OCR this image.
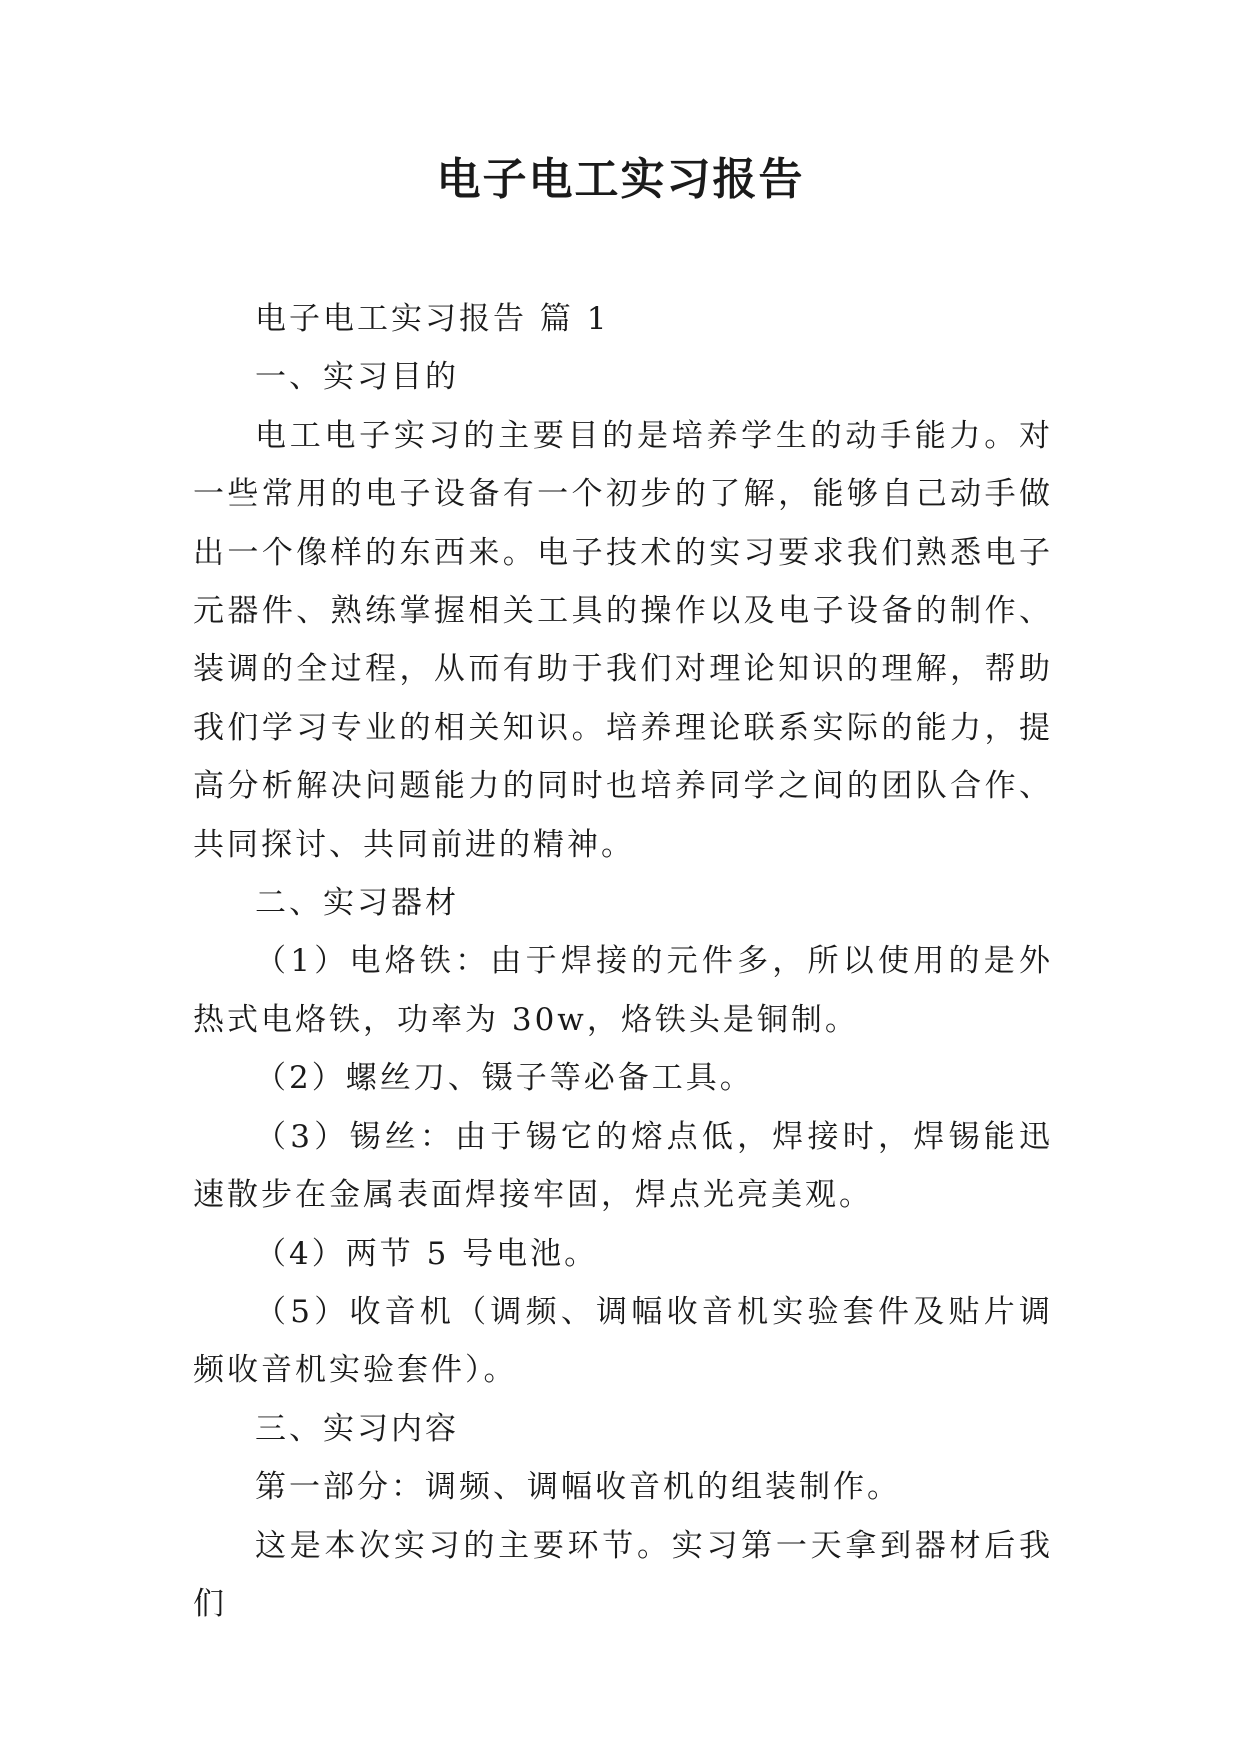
电子电工实习报告

电子电工实习报告 篇 1

一、实习目的

电工电子实习的主要目的是培养学生的动手能力。对一些常用的电子设备有一个初步的了解，能够自己动手做出一个像样的东西来。电子技术的实习要求我们熟悉电子元器件、熟练掌握相关工具的操作以及电子设备的制作、装调的全过程，从而有助于我们对理论知识的理解，帮助我们学习专业的相关知识。培养理论联系实际的能力，提高分析解决问题能力的同时也培养同学之间的团队合作、共同探讨、共同前进的精神。

二、实习器材

（1）电烙铁：由于焊接的元件多，所以使用的是外热式电烙铁，功率为 30w，烙铁头是铜制。

（2）螺丝刀、镊子等必备工具。

（3）锡丝：由于锡它的熔点低，焊接时，焊锡能迅速散步在金属表面焊接牢固，焊点光亮美观。

（4）两节 5 号电池。

（5）收音机（调频、调幅收音机实验套件及贴片调频收音机实验套件）。

三、实习内容

第一部分：调频、调幅收音机的组装制作。

这是本次实习的主要环节。实习第一天拿到器材后我们
